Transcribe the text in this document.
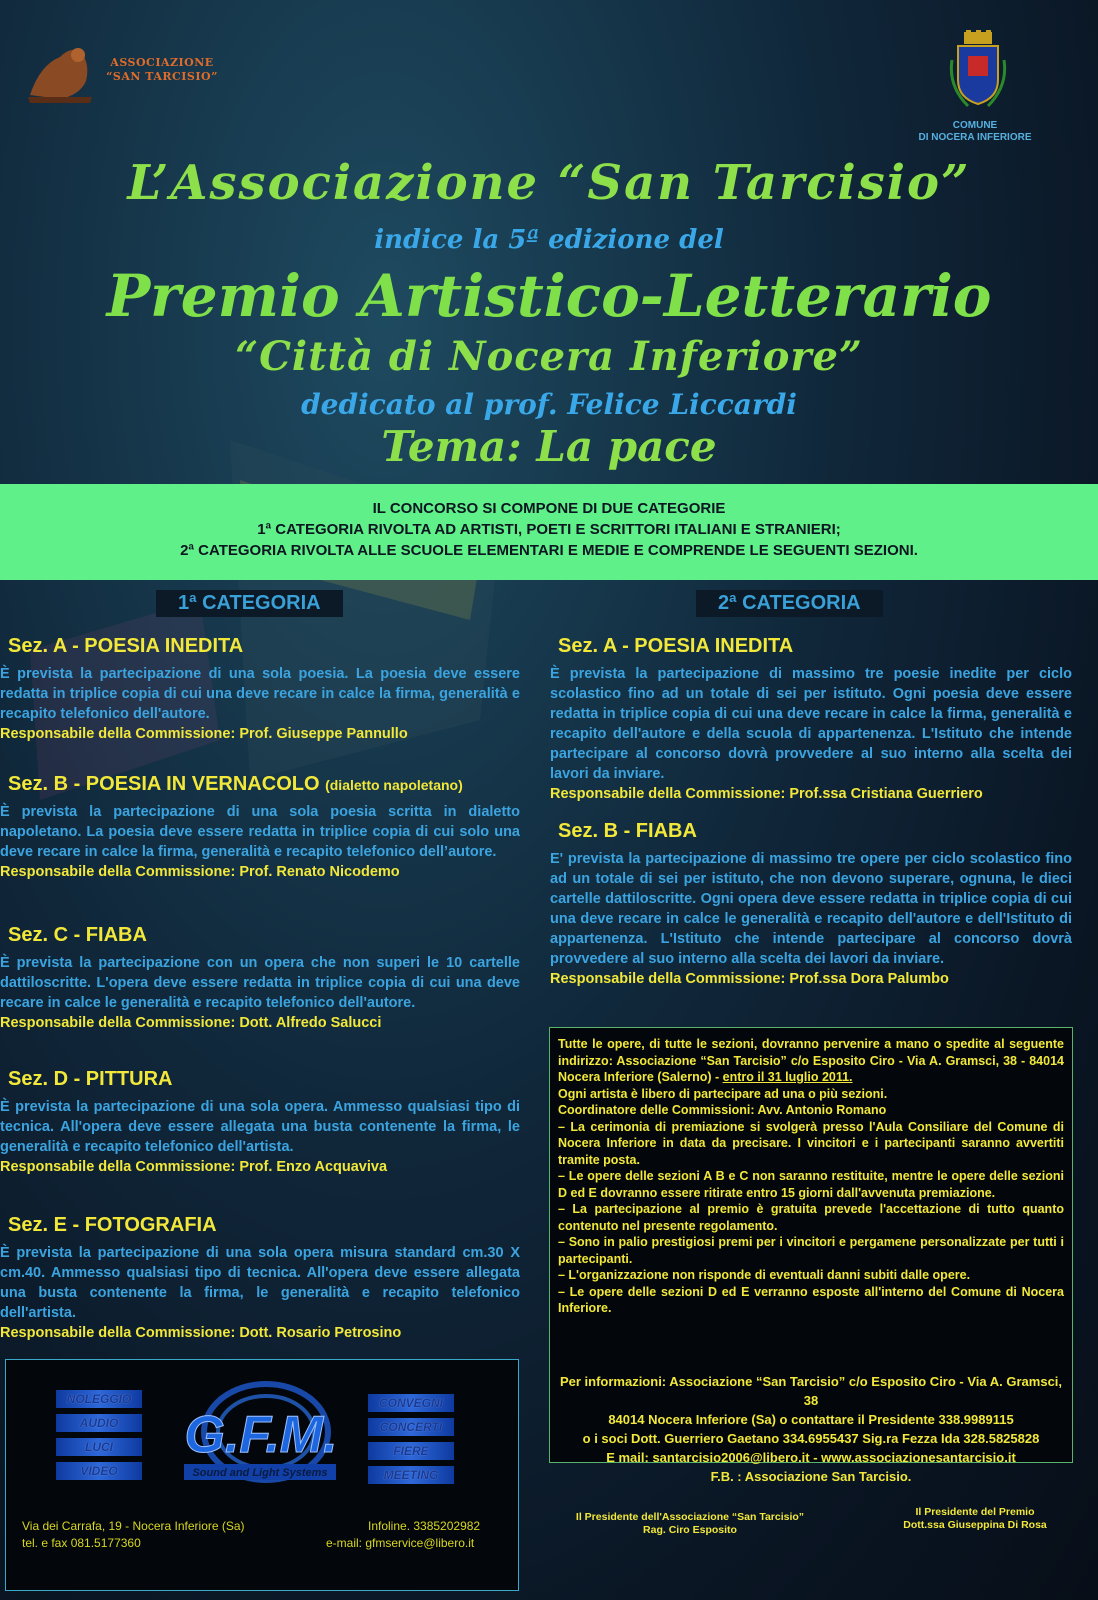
ASSOCIAZIONE
“SAN TARCISIO”
COMUNE
DI NOCERA INFERIORE
L’Associazione “San Tarcisio”
indice la 5ª edizione del
Premio Artistico-Letterario
“Città di Nocera Inferiore”
dedicato al prof. Felice Liccardi
Tema: La pace
IL CONCORSO SI COMPONE DI DUE CATEGORIE
1ª CATEGORIA RIVOLTA AD ARTISTI, POETI E SCRITTORI ITALIANI E STRANIERI;
2ª CATEGORIA RIVOLTA ALLE SCUOLE ELEMENTARI E MEDIE E COMPRENDE LE SEGUENTI SEZIONI.
1ª CATEGORIA	2ª CATEGORIA
Sez. A - POESIA INEDITA
È prevista la partecipazione di una sola poesia. La poesia deve essere redatta in triplice copia di cui una deve recare in calce la firma, generalità e recapito telefonico dell'autore.
Responsabile della Commissione: Prof. Giuseppe Pannullo
Sez. B - POESIA IN VERNACOLO (dialetto napoletano)
È prevista la partecipazione di una sola poesia scritta in dialetto napoletano. La poesia deve essere redatta in triplice copia di cui solo una deve recare in calce la firma, generalità e recapito telefonico dell’autore.
Responsabile della Commissione: Prof. Renato Nicodemo
Sez. C - FIABA
È prevista la partecipazione con un opera che non superi le 10 cartelle dattiloscritte. L'opera deve essere redatta in triplice copia di cui una deve recare in calce le generalità e recapito telefonico dell'autore.
Responsabile della Commissione: Dott. Alfredo Salucci
Sez. D - PITTURA
È prevista la partecipazione di una sola opera. Ammesso qualsiasi tipo di tecnica. All'opera deve essere allegata una busta contenente la firma, le generalità e recapito telefonico dell'artista.
Responsabile della Commissione: Prof. Enzo Acquaviva
Sez. E - FOTOGRAFIA
È prevista la partecipazione di una sola opera misura standard cm.30 X cm.40. Ammesso qualsiasi tipo di tecnica. All'opera deve essere allegata una busta contenente la firma, le generalità e recapito telefonico dell'artista.
Responsabile della Commissione: Dott. Rosario Petrosino
Sez. A - POESIA INEDITA
È prevista la partecipazione di massimo tre poesie inedite per ciclo scolastico fino ad un totale di sei per istituto. Ogni poesia deve essere redatta in triplice copia di cui una deve recare in calce la firma, generalità e recapito dell'autore e della scuola di appartenenza. L'Istituto che intende partecipare al concorso dovrà provvedere al suo interno alla scelta dei lavori da inviare.
Responsabile della Commissione: Prof.ssa Cristiana Guerriero
Sez. B - FIABA
E' prevista la partecipazione di massimo tre opere per ciclo scolastico fino ad un totale di sei per istituto, che non devono superare, ognuna, le dieci cartelle dattiloscritte. Ogni opera deve essere redatta in triplice copia di cui una deve recare in calce le generalità e recapito dell'autore e dell'Istituto di appartenenza. L'Istituto che intende partecipare al concorso dovrà provvedere al suo interno alla scelta dei lavori da inviare.
Responsabile della Commissione: Prof.ssa Dora Palumbo
Tutte le opere, di tutte le sezioni, dovranno pervenire a mano o spedite al seguente indirizzo: Associazione “San Tarcisio” c/o Esposito Ciro - Via A. Gramsci, 38 - 84014 Nocera Inferiore (Salerno) - entro il 31 luglio 2011.
Ogni artista è libero di partecipare ad una o più sezioni.
Coordinatore delle Commissioni: Avv. Antonio Romano
– La cerimonia di premiazione si svolgerà presso l'Aula Consiliare del Comune di Nocera Inferiore in data da precisare. I vincitori e i partecipanti saranno avvertiti tramite posta.
– Le opere delle sezioni A B e C non saranno restituite, mentre le opere delle sezioni D ed E dovranno essere ritirate entro 15 giorni dall'avvenuta premiazione.
– La partecipazione al premio è gratuita prevede l'accettazione di tutto quanto contenuto nel presente regolamento.
– Sono in palio prestigiosi premi per i vincitori e pergamene personalizzate per tutti i partecipanti.
– L'organizzazione non risponde di eventuali danni subiti dalle opere.
– Le opere delle sezioni D ed E verranno esposte all'interno del Comune di Nocera Inferiore.
Per informazioni: Associazione “San Tarcisio” c/o Esposito Ciro - Via A. Gramsci, 38
84014 Nocera Inferiore (Sa) o contattare il Presidente 338.9989115
o i soci Dott. Guerriero Gaetano 334.6955437 Sig.ra Fezza Ida 328.5825828
E mail: santarcisio2006@libero.it - www.associazionesantarcisio.it
F.B. : Associazione San Tarcisio.
NOLEGGIO
AUDIO
LUCI
VIDEO
CONVEGNI
CONCERTI
FIERE
MEETING
G.F.M.
Sound and Light Systems
Via dei Carrafa, 19 - Nocera Inferiore (Sa)
tel. e fax 081.5177360
Infoline. 3385202982
e-mail: gfmservice@libero.it
Il Presidente dell'Associazione “San Tarcisio”
Rag. Ciro Esposito
Il Presidente del Premio
Dott.ssa Giuseppina Di Rosa
